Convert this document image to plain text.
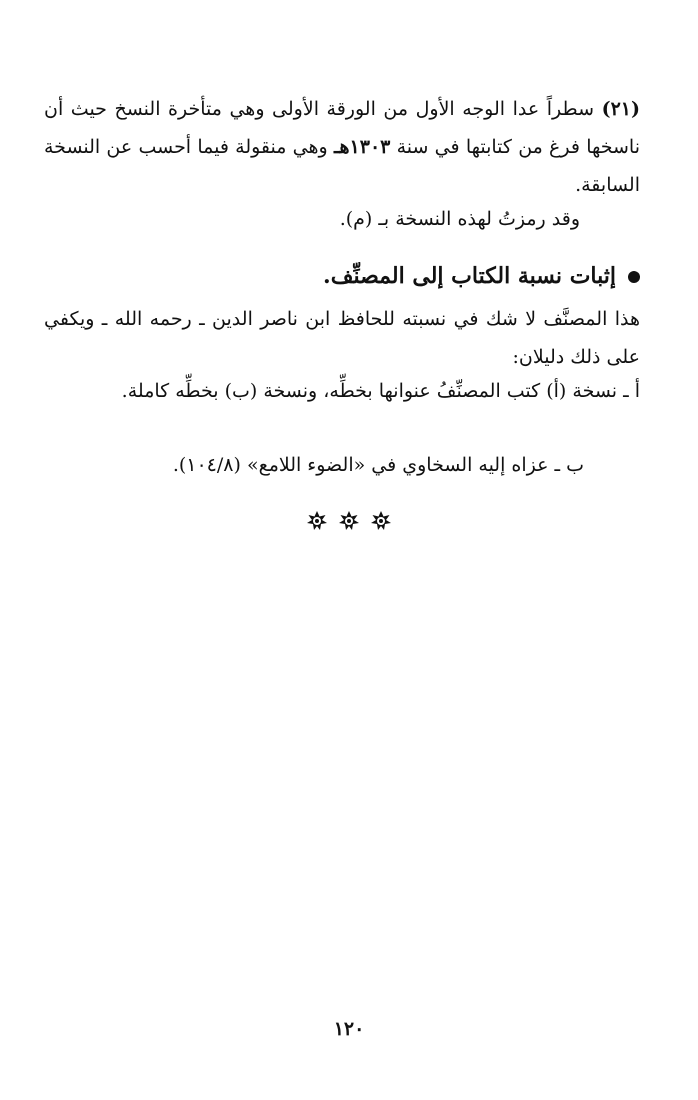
(٢١) سطراً عدا الوجه الأول من الورقة الأولى وهي متأخرة النسخ حيث أن ناسخها فرغ من كتابتها في سنة ١٣٠٣هـ وهي منقولة فيما أحسب عن النسخة السابقة.
وقد رمزتُ لهذه النسخة بـ (م).
إثبات نسبة الكتاب إلى المصنِّف.
هذا المصنَّف لا شك في نسبته للحافظ ابن ناصر الدين ـ رحمه الله ـ ويكفي على ذلك دليلان:
أ ـ نسخة (أ) كتب المصنِّفُ عنوانها بخطِّه، ونسخة (ب) بخطِّه كاملة.
ب ـ عزاه إليه السخاوي في «الضوء اللامع» (١٠٤/٨).
١٢٠
